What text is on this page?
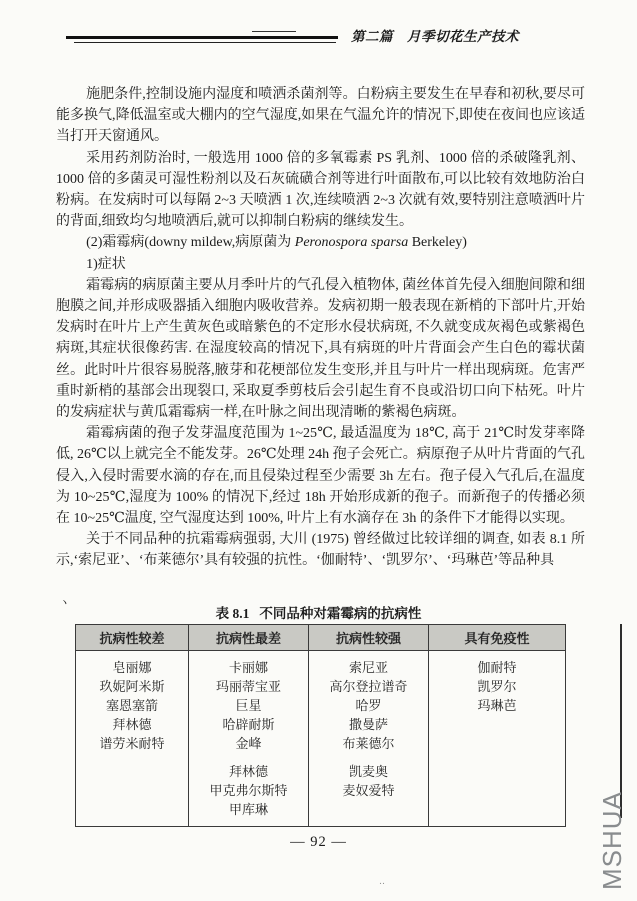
第二篇　月季切花生产技术

施肥条件,控制设施内湿度和喷洒杀菌剂等。白粉病主要发生在早春和初秋,要尽可能多换气,降低温室或大棚内的空气湿度,如果在气温允许的情况下,即使在夜间也应该适当打开天窗通风。

采用药剂防治时, 一般选用 1000 倍的多氧霉素 PS 乳剂、1000 倍的杀破隆乳剂、1000 倍的多菌灵可湿性粉剂以及石灰硫磺合剂等进行叶面散布,可以比较有效地防治白粉病。在发病时可以每隔 2~3 天喷洒 1 次,连续喷洒 2~3 次就有效,要特别注意喷洒叶片的背面,细致均匀地喷洒后,就可以抑制白粉病的继续发生。

(2)霜霉病(downy mildew,病原菌为 Peronospora sparsa Berkeley)

1)症状

霜霉病的病原菌主要从月季叶片的气孔侵入植物体, 菌丝体首先侵入细胞间隙和细胞膜之间,并形成吸器插入细胞内吸收营养。发病初期一般表现在新梢的下部叶片,开始发病时在叶片上产生黄灰色或暗紫色的不定形水侵状病斑, 不久就变成灰褐色或紫褐色病斑,其症状很像药害. 在湿度较高的情况下,具有病斑的叶片背面会产生白色的霉状菌丝。此时叶片很容易脱落,腋芽和花梗部位发生变形,并且与叶片一样出现病斑。危害严重时新梢的基部会出现裂口, 采取夏季剪枝后会引起生育不良或沿切口向下枯死。叶片的发病症状与黄瓜霜霉病一样,在叶脉之间出现清晰的紫褐色病斑。

霜霉病菌的孢子发芽温度范围为 1~25℃, 最适温度为 18℃, 高于 21℃时发芽率降低, 26℃以上就完全不能发芽。26℃处理 24h 孢子会死亡。病原孢子从叶片背面的气孔侵入,入侵时需要水滴的存在,而且侵染过程至少需要 3h 左右。孢子侵入气孔后,在温度为 10~25℃,湿度为 100% 的情况下,经过 18h 开始形成新的孢子。而新孢子的传播必须在 10~25℃温度, 空气湿度达到 100%, 叶片上有水滴存在 3h 的条件下才能得以实现。

关于不同品种的抗霜霉病强弱, 大川 (1975) 曾经做过比较详细的调查, 如表 8.1 所示,‘索尼亚’、‘布莱德尔’具有较强的抗性。‘伽耐特’、‘凯罗尔’、‘玛琳芭’等品种具

ヽ
表 8.1 不同品种对霜霉病的抗病性
抗病性较差	抗病性最差	抗病性较强	具有免疫性
皂丽娜	卡丽娜	索尼亚	伽耐特
玖妮阿米斯	玛丽蒂宝亚	高尔登拉谱奇	凯罗尔
塞恩塞箭	巨星	哈罗	玛琳芭
拜林德	哈辟耐斯	撒曼萨	
谱劳米耐特	金峰	布莱德尔	
	拜林德	凯麦奥	
	甲克弗尔斯特	麦奴爱特	
	甲库琳		
— 92 —	MSHUA
‥
